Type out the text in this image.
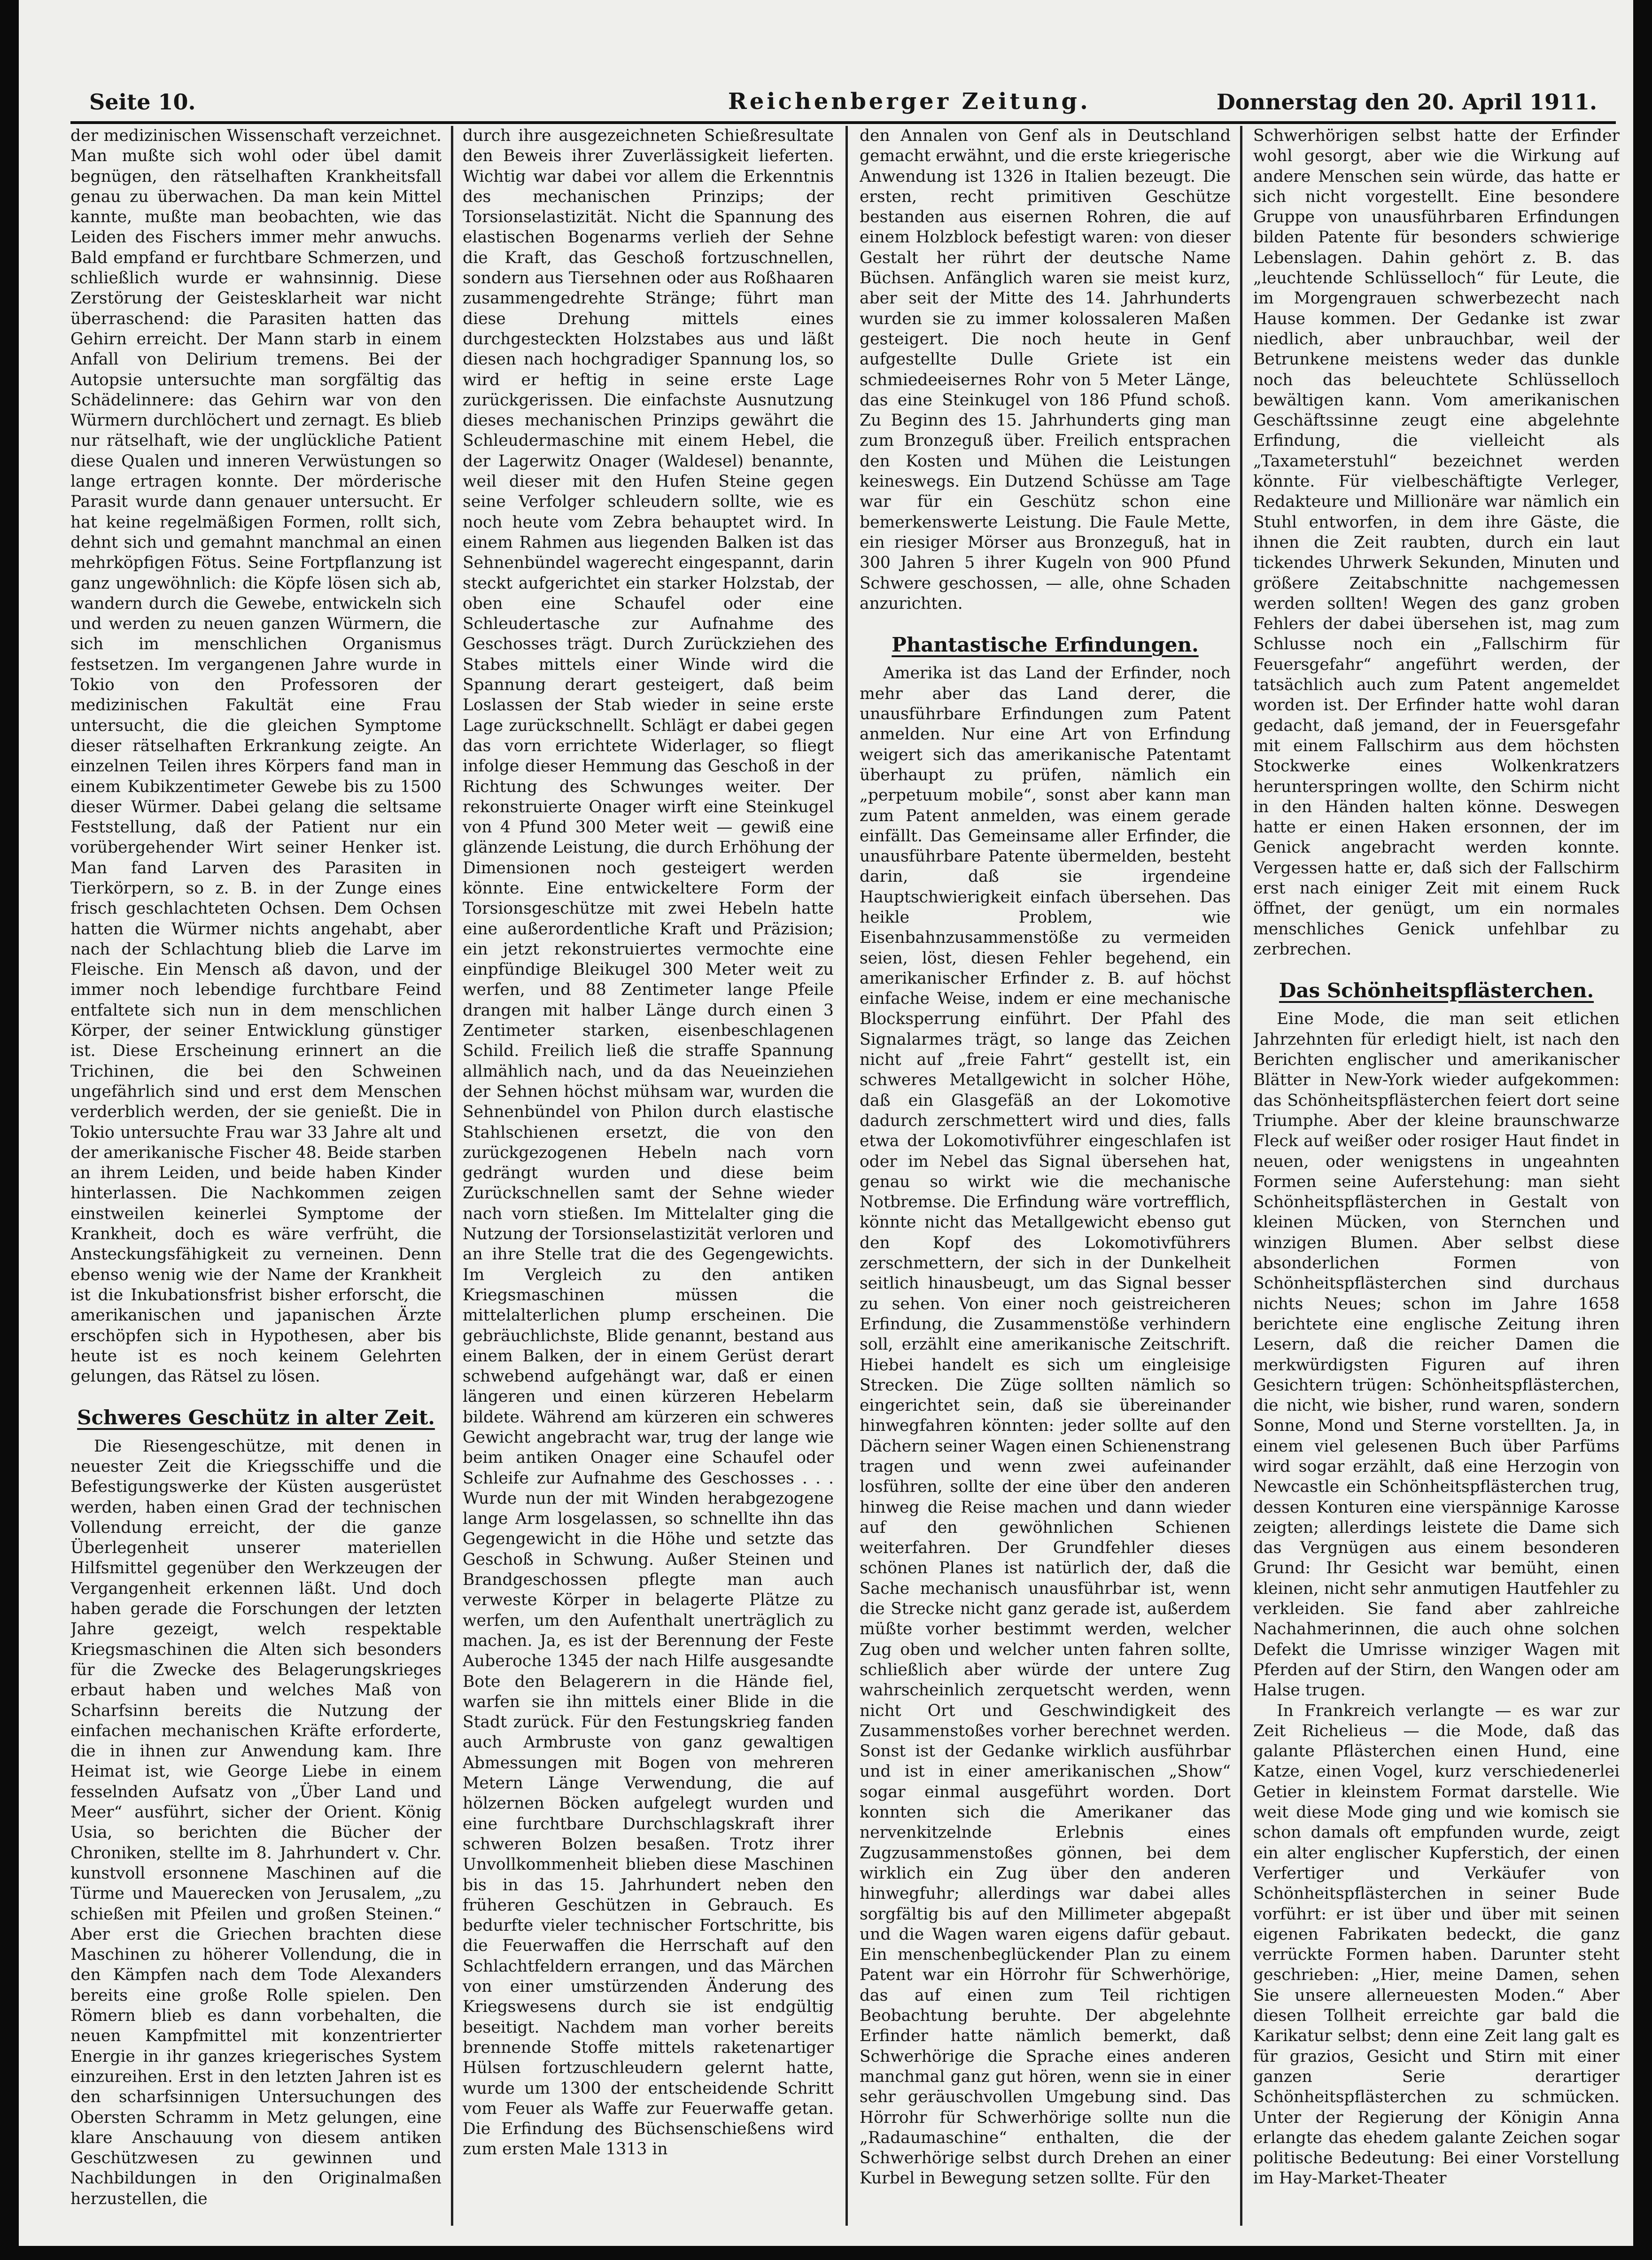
Seite 10.	Reichenberger Zeitung.	Donnerstag den 20. April 1911.

der medizinischen Wissenschaft verzeichnet. Man mußte sich wohl oder übel damit begnügen, den rätselhaften Krankheitsfall genau zu überwachen. Da man kein Mittel kannte, mußte man beobachten, wie das Leiden des Fischers immer mehr anwuchs. Bald empfand er furchtbare Schmerzen, und schließlich wurde er wahnsinnig. Diese Zerstörung der Geistesklarheit war nicht überraschend: die Parasiten hatten das Gehirn erreicht. Der Mann starb in einem Anfall von Delirium tremens. Bei der Autopsie untersuchte man sorgfältig das Schädelinnere: das Gehirn war von den Würmern durchlöchert und zernagt. Es blieb nur rätselhaft, wie der unglückliche Patient diese Qualen und inneren Verwüstungen so lange ertragen konnte. Der mörderische Parasit wurde dann genauer untersucht. Er hat keine regelmäßigen Formen, rollt sich, dehnt sich und gemahnt manchmal an einen mehrköpfigen Fötus. Seine Fortpflanzung ist ganz ungewöhnlich: die Köpfe lösen sich ab, wandern durch die Gewebe, entwickeln sich und werden zu neuen ganzen Würmern, die sich im menschlichen Organismus festsetzen. Im vergangenen Jahre wurde in Tokio von den Professoren der medizinischen Fakultät eine Frau untersucht, die die gleichen Symptome dieser rätselhaften Erkrankung zeigte. An einzelnen Teilen ihres Körpers fand man in einem Kubikzentimeter Gewebe bis zu 1500 dieser Würmer. Dabei gelang die seltsame Feststellung, daß der Patient nur ein vorübergehender Wirt seiner Henker ist. Man fand Larven des Parasiten in Tierkörpern, so z. B. in der Zunge eines frisch geschlachteten Ochsen. Dem Ochsen hatten die Würmer nichts angehabt, aber nach der Schlachtung blieb die Larve im Fleische. Ein Mensch aß davon, und der immer noch lebendige furchtbare Feind entfaltete sich nun in dem menschlichen Körper, der seiner Entwicklung günstiger ist. Diese Erscheinung erinnert an die Trichinen, die bei den Schweinen ungefährlich sind und erst dem Menschen verderblich werden, der sie genießt. Die in Tokio untersuchte Frau war 33 Jahre alt und der amerikanische Fischer 48. Beide starben an ihrem Leiden, und beide haben Kinder hinterlassen. Die Nachkommen zeigen einstweilen keinerlei Symptome der Krankheit, doch es wäre verfrüht, die Ansteckungsfähigkeit zu verneinen. Denn ebenso wenig wie der Name der Krankheit ist die Inkubationsfrist bisher erforscht, die amerikanischen und japanischen Ärzte erschöpfen sich in Hypothesen, aber bis heute ist es noch keinem Gelehrten gelungen, das Rätsel zu lösen.

Schweres Geschütz in alter Zeit.

Die Riesengeschütze, mit denen in neuester Zeit die Kriegsschiffe und die Befestigungswerke der Küsten ausgerüstet werden, haben einen Grad der technischen Vollendung erreicht, der die ganze Überlegenheit unserer materiellen Hilfsmittel gegenüber den Werkzeugen der Vergangenheit erkennen läßt. Und doch haben gerade die Forschungen der letzten Jahre gezeigt, welch respektable Kriegsmaschinen die Alten sich besonders für die Zwecke des Belagerungskrieges erbaut haben und welches Maß von Scharfsinn bereits die Nutzung der einfachen mechanischen Kräfte erforderte, die in ihnen zur Anwendung kam. Ihre Heimat ist, wie George Liebe in einem fesselnden Aufsatz von „Über Land und Meer“ ausführt, sicher der Orient. König Usia, so berichten die Bücher der Chroniken, stellte im 8. Jahrhundert v. Chr. kunstvoll ersonnene Maschinen auf die Türme und Mauerecken von Jerusalem, „zu schießen mit Pfeilen und großen Steinen.“ Aber erst die Griechen brachten diese Maschinen zu höherer Vollendung, die in den Kämpfen nach dem Tode Alexanders bereits eine große Rolle spielen. Den Römern blieb es dann vorbehalten, die neuen Kampfmittel mit konzentrierter Energie in ihr ganzes kriegerisches System einzureihen. Erst in den letzten Jahren ist es den scharfsinnigen Untersuchungen des Obersten Schramm in Metz gelungen, eine klare Anschauung von diesem antiken Geschützwesen zu gewinnen und Nachbildungen in den Originalmaßen herzustellen, die

durch ihre ausgezeichneten Schießresultate den Beweis ihrer Zuverlässigkeit lieferten. Wichtig war dabei vor allem die Erkenntnis des mechanischen Prinzips; der Torsionselastizität. Nicht die Spannung des elastischen Bogenarms verlieh der Sehne die Kraft, das Geschoß fortzuschnellen, sondern aus Tiersehnen oder aus Roßhaaren zusammengedrehte Stränge; führt man diese Drehung mittels eines durchgesteckten Holzstabes aus und läßt diesen nach hochgradiger Spannung los, so wird er heftig in seine erste Lage zurückgerissen. Die einfachste Ausnutzung dieses mechanischen Prinzips gewährt die Schleudermaschine mit einem Hebel, die der Lagerwitz Onager (Waldesel) benannte, weil dieser mit den Hufen Steine gegen seine Verfolger schleudern sollte, wie es noch heute vom Zebra behauptet wird. In einem Rahmen aus liegenden Balken ist das Sehnenbündel wagerecht eingespannt, darin steckt aufgerichtet ein starker Holzstab, der oben eine Schaufel oder eine Schleudertasche zur Aufnahme des Geschosses trägt. Durch Zurückziehen des Stabes mittels einer Winde wird die Spannung derart gesteigert, daß beim Loslassen der Stab wieder in seine erste Lage zurückschnellt. Schlägt er dabei gegen das vorn errichtete Widerlager, so fliegt infolge dieser Hemmung das Geschoß in der Richtung des Schwunges weiter. Der rekonstruierte Onager wirft eine Steinkugel von 4 Pfund 300 Meter weit — gewiß eine glänzende Leistung, die durch Erhöhung der Dimensionen noch gesteigert werden könnte. Eine entwickeltere Form der Torsionsgeschütze mit zwei Hebeln hatte eine außerordentliche Kraft und Präzision; ein jetzt rekonstruiertes vermochte eine einpfündige Bleikugel 300 Meter weit zu werfen, und 88 Zentimeter lange Pfeile drangen mit halber Länge durch einen 3 Zentimeter starken, eisenbeschlagenen Schild. Freilich ließ die straffe Spannung allmählich nach, und da das Neueinziehen der Sehnen höchst mühsam war, wurden die Sehnenbündel von Philon durch elastische Stahlschienen ersetzt, die von den zurückgezogenen Hebeln nach vorn gedrängt wurden und diese beim Zurückschnellen samt der Sehne wieder nach vorn stießen. Im Mittelalter ging die Nutzung der Torsionselastizität verloren und an ihre Stelle trat die des Gegengewichts. Im Vergleich zu den antiken Kriegsmaschinen müssen die mittelalterlichen plump erscheinen. Die gebräuchlichste, Blide genannt, bestand aus einem Balken, der in einem Gerüst derart schwebend aufgehängt war, daß er einen längeren und einen kürzeren Hebelarm bildete. Während am kürzeren ein schweres Gewicht angebracht war, trug der lange wie beim antiken Onager eine Schaufel oder Schleife zur Aufnahme des Geschosses . . . Wurde nun der mit Winden herabgezogene lange Arm losgelassen, so schnellte ihn das Gegengewicht in die Höhe und setzte das Geschoß in Schwung. Außer Steinen und Brandgeschossen pflegte man auch verweste Körper in belagerte Plätze zu werfen, um den Aufenthalt unerträglich zu machen. Ja, es ist der Berennung der Feste Auberoche 1345 der nach Hilfe ausgesandte Bote den Belagerern in die Hände fiel, warfen sie ihn mittels einer Blide in die Stadt zurück. Für den Festungskrieg fanden auch Armbruste von ganz gewaltigen Abmessungen mit Bogen von mehreren Metern Länge Verwendung, die auf hölzernen Böcken aufgelegt wurden und eine furchtbare Durchschlagskraft ihrer schweren Bolzen besaßen. Trotz ihrer Unvollkommenheit blieben diese Maschinen bis in das 15. Jahrhundert neben den früheren Geschützen in Gebrauch. Es bedurfte vieler technischer Fortschritte, bis die Feuerwaffen die Herrschaft auf den Schlachtfeldern errangen, und das Märchen von einer umstürzenden Änderung des Kriegswesens durch sie ist endgültig beseitigt. Nachdem man vorher bereits brennende Stoffe mittels raketenartiger Hülsen fortzuschleudern gelernt hatte, wurde um 1300 der entscheidende Schritt vom Feuer als Waffe zur Feuerwaffe getan. Die Erfindung des Büchsenschießens wird zum ersten Male 1313 in

den Annalen von Genf als in Deutschland gemacht erwähnt, und die erste kriegerische Anwendung ist 1326 in Italien bezeugt. Die ersten, recht primitiven Geschütze bestanden aus eisernen Rohren, die auf einem Holzblock befestigt waren: von dieser Gestalt her rührt der deutsche Name Büchsen. Anfänglich waren sie meist kurz, aber seit der Mitte des 14. Jahrhunderts wurden sie zu immer kolossaleren Maßen gesteigert. Die noch heute in Genf aufgestellte Dulle Griete ist ein schmiedeeisernes Rohr von 5 Meter Länge, das eine Steinkugel von 186 Pfund schoß. Zu Beginn des 15. Jahrhunderts ging man zum Bronzeguß über. Freilich entsprachen den Kosten und Mühen die Leistungen keineswegs. Ein Dutzend Schüsse am Tage war für ein Geschütz schon eine bemerkenswerte Leistung. Die Faule Mette, ein riesiger Mörser aus Bronzeguß, hat in 300 Jahren 5 ihrer Kugeln von 900 Pfund Schwere geschossen, — alle, ohne Schaden anzurichten.

Phantastische Erfindungen.

Amerika ist das Land der Erfinder, noch mehr aber das Land derer, die unausführbare Erfindungen zum Patent anmelden. Nur eine Art von Erfindung weigert sich das amerikanische Patentamt überhaupt zu prüfen, nämlich ein „perpetuum mobile“, sonst aber kann man zum Patent anmelden, was einem gerade einfällt. Das Gemeinsame aller Erfinder, die unausführbare Patente übermelden, besteht darin, daß sie irgendeine Hauptschwierigkeit einfach übersehen. Das heikle Problem, wie Eisenbahnzusammenstöße zu vermeiden seien, löst, diesen Fehler begehend, ein amerikanischer Erfinder z. B. auf höchst einfache Weise, indem er eine mechanische Blocksperrung einführt. Der Pfahl des Signalarmes trägt, so lange das Zeichen nicht auf „freie Fahrt“ gestellt ist, ein schweres Metallgewicht in solcher Höhe, daß ein Glasgefäß an der Lokomotive dadurch zerschmettert wird und dies, falls etwa der Lokomotivführer eingeschlafen ist oder im Nebel das Signal übersehen hat, genau so wirkt wie die mechanische Notbremse. Die Erfindung wäre vortrefflich, könnte nicht das Metallgewicht ebenso gut den Kopf des Lokomotivführers zerschmettern, der sich in der Dunkelheit seitlich hinausbeugt, um das Signal besser zu sehen. Von einer noch geistreicheren Erfindung, die Zusammenstöße verhindern soll, erzählt eine amerikanische Zeitschrift. Hiebei handelt es sich um eingleisige Strecken. Die Züge sollten nämlich so eingerichtet sein, daß sie übereinander hinwegfahren könnten: jeder sollte auf den Dächern seiner Wagen einen Schienenstrang tragen und wenn zwei aufeinander losführen, sollte der eine über den anderen hinweg die Reise machen und dann wieder auf den gewöhnlichen Schienen weiterfahren. Der Grundfehler dieses schönen Planes ist natürlich der, daß die Sache mechanisch unausführbar ist, wenn die Strecke nicht ganz gerade ist, außerdem müßte vorher bestimmt werden, welcher Zug oben und welcher unten fahren sollte, schließlich aber würde der untere Zug wahrscheinlich zerquetscht werden, wenn nicht Ort und Geschwindigkeit des Zusammenstoßes vorher berechnet werden. Sonst ist der Gedanke wirklich ausführbar und ist in einer amerikanischen „Show“ sogar einmal ausgeführt worden. Dort konnten sich die Amerikaner das nervenkitzelnde Erlebnis eines Zugzusammenstoßes gönnen, bei dem wirklich ein Zug über den anderen hinwegfuhr; allerdings war dabei alles sorgfältig bis auf den Millimeter abgepaßt und die Wagen waren eigens dafür gebaut. Ein menschenbeglückender Plan zu einem Patent war ein Hörrohr für Schwerhörige, das auf einen zum Teil richtigen Beobachtung beruhte. Der abgelehnte Erfinder hatte nämlich bemerkt, daß Schwerhörige die Sprache eines anderen manchmal ganz gut hören, wenn sie in einer sehr geräuschvollen Umgebung sind. Das Hörrohr für Schwerhörige sollte nun die „Radaumaschine“ enthalten, die der Schwerhörige selbst durch Drehen an einer Kurbel in Bewegung setzen sollte. Für den

Schwerhörigen selbst hatte der Erfinder wohl gesorgt, aber wie die Wirkung auf andere Menschen sein würde, das hatte er sich nicht vorgestellt. Eine besondere Gruppe von unausführbaren Erfindungen bilden Patente für besonders schwierige Lebenslagen. Dahin gehört z. B. das „leuchtende Schlüsselloch“ für Leute, die im Morgengrauen schwerbezecht nach Hause kommen. Der Gedanke ist zwar niedlich, aber unbrauchbar, weil der Betrunkene meistens weder das dunkle noch das beleuchtete Schlüsselloch bewältigen kann. Vom amerikanischen Geschäftssinne zeugt eine abgelehnte Erfindung, die vielleicht als „Taxameterstuhl“ bezeichnet werden könnte. Für vielbeschäftigte Verleger, Redakteure und Millionäre war nämlich ein Stuhl entworfen, in dem ihre Gäste, die ihnen die Zeit raubten, durch ein laut tickendes Uhrwerk Sekunden, Minuten und größere Zeitabschnitte nachgemessen werden sollten! Wegen des ganz groben Fehlers der dabei übersehen ist, mag zum Schlusse noch ein „Fallschirm für Feuersgefahr“ angeführt werden, der tatsächlich auch zum Patent angemeldet worden ist. Der Erfinder hatte wohl daran gedacht, daß jemand, der in Feuersgefahr mit einem Fallschirm aus dem höchsten Stockwerke eines Wolkenkratzers herunterspringen wollte, den Schirm nicht in den Händen halten könne. Deswegen hatte er einen Haken ersonnen, der im Genick angebracht werden konnte. Vergessen hatte er, daß sich der Fallschirm erst nach einiger Zeit mit einem Ruck öffnet, der genügt, um ein normales menschliches Genick unfehlbar zu zerbrechen.

Das Schönheitspflästerchen.

Eine Mode, die man seit etlichen Jahrzehnten für erledigt hielt, ist nach den Berichten englischer und amerikanischer Blätter in New-York wieder aufgekommen: das Schönheitspflästerchen feiert dort seine Triumphe. Aber der kleine braunschwarze Fleck auf weißer oder rosiger Haut findet in neuen, oder wenigstens in ungeahnten Formen seine Auferstehung: man sieht Schönheitspflästerchen in Gestalt von kleinen Mücken, von Sternchen und winzigen Blumen. Aber selbst diese absonderlichen Formen von Schönheitspflästerchen sind durchaus nichts Neues; schon im Jahre 1658 berichtete eine englische Zeitung ihren Lesern, daß die reicher Damen die merkwürdigsten Figuren auf ihren Gesichtern trügen: Schönheitspflästerchen, die nicht, wie bisher, rund waren, sondern Sonne, Mond und Sterne vorstellten. Ja, in einem viel gelesenen Buch über Parfüms wird sogar erzählt, daß eine Herzogin von Newcastle ein Schönheitspflästerchen trug, dessen Konturen eine vierspännige Karosse zeigten; allerdings leistete die Dame sich das Vergnügen aus einem besonderen Grund: Ihr Gesicht war bemüht, einen kleinen, nicht sehr anmutigen Hautfehler zu verkleiden. Sie fand aber zahlreiche Nachahmerinnen, die auch ohne solchen Defekt die Umrisse winziger Wagen mit Pferden auf der Stirn, den Wangen oder am Halse trugen.

In Frankreich verlangte — es war zur Zeit Richelieus — die Mode, daß das galante Pflästerchen einen Hund, eine Katze, einen Vogel, kurz verschiedenerlei Getier in kleinstem Format darstelle. Wie weit diese Mode ging und wie komisch sie schon damals oft empfunden wurde, zeigt ein alter englischer Kupferstich, der einen Verfertiger und Verkäufer von Schönheitspflästerchen in seiner Bude vorführt: er ist über und über mit seinen eigenen Fabrikaten bedeckt, die ganz verrückte Formen haben. Darunter steht geschrieben: „Hier, meine Damen, sehen Sie unsere allerneuesten Moden.“ Aber diesen Tollheit erreichte gar bald die Karikatur selbst; denn eine Zeit lang galt es für grazios, Gesicht und Stirn mit einer ganzen Serie derartiger Schönheitspflästerchen zu schmücken. Unter der Regierung der Königin Anna erlangte das ehedem galante Zeichen sogar politische Bedeutung: Bei einer Vorstellung im Hay-Market-Theater
